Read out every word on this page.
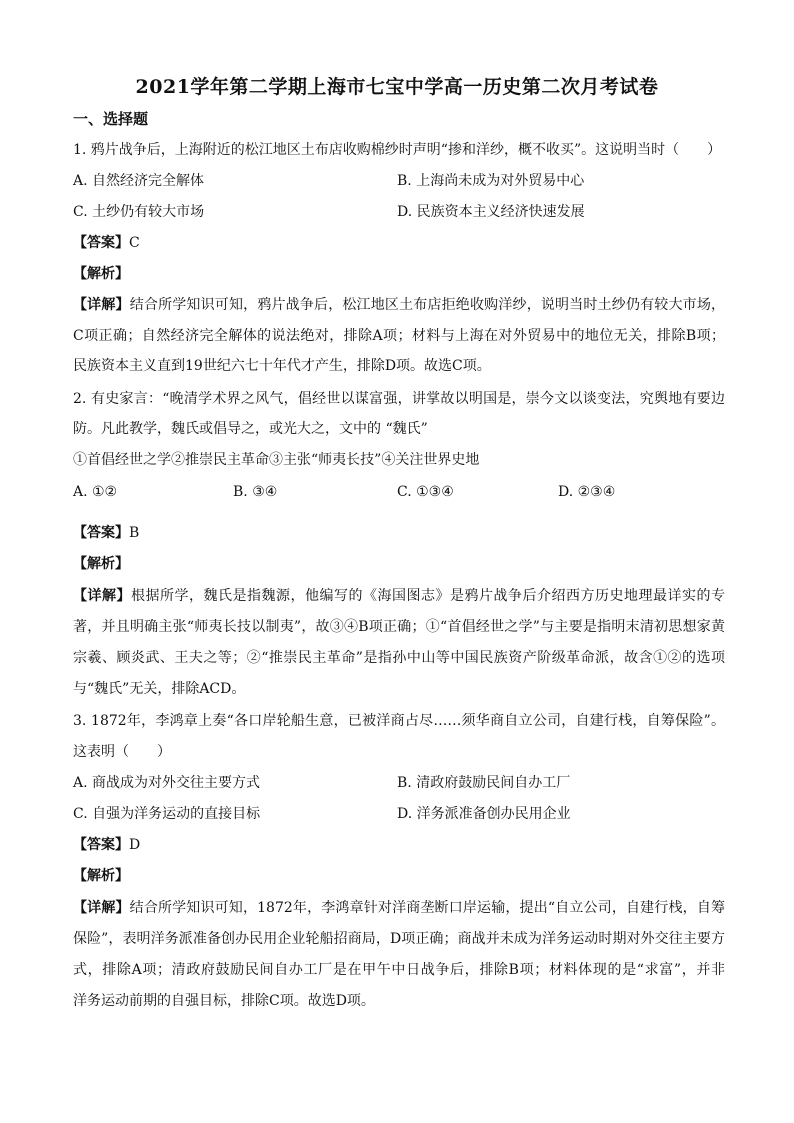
2021学年第二学期上海市七宝中学高一历史第二次月考试卷
一、选择题
1. 鸦片战争后，上海附近的松江地区土布店收购棉纱时声明“掺和洋纱，概不收买”。这说明当时（　　）
A. 自然经济完全解体	B. 上海尚未成为对外贸易中心
C. 土纱仍有较大市场	D. 民族资本主义经济快速发展
【答案】C
【解析】
【详解】结合所学知识可知，鸦片战争后，松江地区土布店拒绝收购洋纱，说明当时土纱仍有较大市场，
C项正确；自然经济完全解体的说法绝对，排除A项；材料与上海在对外贸易中的地位无关，排除B项；
民族资本主义直到19世纪六七十年代才产生，排除D项。故选C项。
2. 有史家言：“晚清学术界之风气，倡经世以谋富强，讲掌故以明国是，崇今文以谈变法，究舆地有要边
防。凡此教学，魏氏或倡导之，或光大之，文中的 “魏氏”
①首倡经世之学②推崇民主革命③主张“师夷长技”④关注世界史地
A. ①②	B. ③④	C. ①③④	D. ②③④
【答案】B
【解析】
【详解】根据所学，魏氏是指魏源，他编写的《海国图志》是鸦片战争后介绍西方历史地理最详实的专
著，并且明确主张“师夷长技以制夷”，故③④B项正确；①“首倡经世之学”与主要是指明末清初思想家黄
宗羲、顾炎武、王夫之等；②“推崇民主革命”是指孙中山等中国民族资产阶级革命派，故含①②的选项
与“魏氏”无关，排除ACD。
3. 1872年，李鸿章上奏“各口岸轮船生意，已被洋商占尽……须华商自立公司，自建行栈，自筹保险”。
这表明（　　）
A. 商战成为对外交往主要方式	B. 清政府鼓励民间自办工厂
C. 自强为洋务运动的直接目标	D. 洋务派准备创办民用企业
【答案】D
【解析】
【详解】结合所学知识可知，1872年，李鸿章针对洋商垄断口岸运输，提出“自立公司，自建行栈，自筹
保险”，表明洋务派准备创办民用企业轮船招商局，D项正确；商战并未成为洋务运动时期对外交往主要方
式，排除A项；清政府鼓励民间自办工厂是在甲午中日战争后，排除B项；材料体现的是“求富”，并非
洋务运动前期的自强目标，排除C项。故选D项。
